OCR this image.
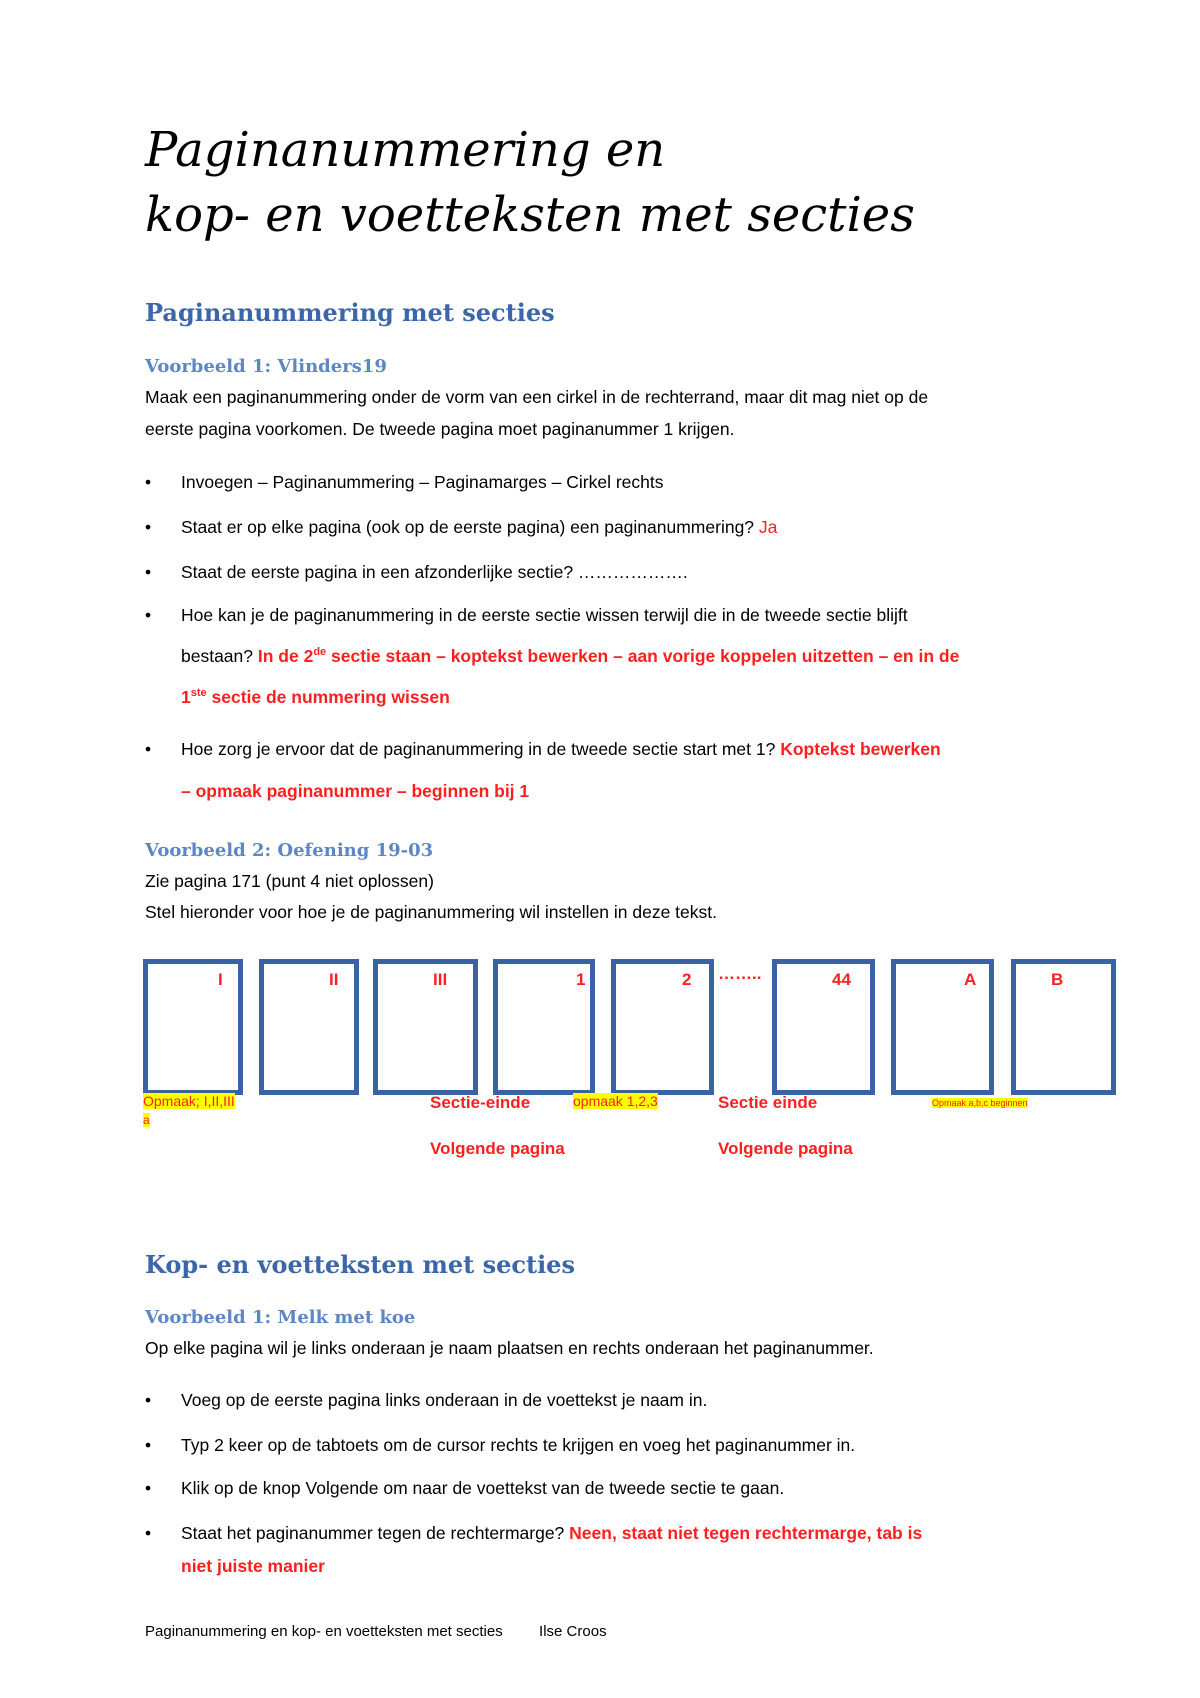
Paginanummering en
kop- en voetteksten met secties
Paginanummering met secties
Voorbeeld 1: Vlinders19
Maak een paginanummering onder de vorm van een cirkel in de rechterrand, maar dit mag niet op de
eerste pagina voorkomen. De tweede pagina moet paginanummer 1 krijgen.
• Invoegen – Paginanummering – Paginamarges – Cirkel rechts
• Staat er op elke pagina (ook op de eerste pagina) een paginanummering? Ja
• Staat de eerste pagina in een afzonderlijke sectie? ……………….
• Hoe kan je de paginanummering in de eerste sectie wissen terwijl die in de tweede sectie blijft
bestaan? In de 2de sectie staan – koptekst bewerken – aan vorige koppelen uitzetten – en in de
1ste sectie de nummering wissen
• Hoe zorg je ervoor dat de paginanummering in de tweede sectie start met 1? Koptekst bewerken
– opmaak paginanummer – beginnen bij 1
Voorbeeld 2: Oefening 19-03
Zie pagina 171 (punt 4 niet oplossen)
Stel hieronder voor hoe je de paginanummering wil instellen in deze tekst.
I	II	III	1	2 ……..	44	A	B
Opmaak; I,II,III
a
Sectie-einde
Volgende pagina
opmaak 1,2,3	Sectie einde
Volgende pagina
Opmaak a,b,c beginnen
Kop- en voetteksten met secties
Voorbeeld 1: Melk met koe
Op elke pagina wil je links onderaan je naam plaatsen en rechts onderaan het paginanummer.
• Voeg op de eerste pagina links onderaan in de voettekst je naam in.
• Typ 2 keer op de tabtoets om de cursor rechts te krijgen en voeg het paginanummer in.
• Klik op de knop Volgende om naar de voettekst van de tweede sectie te gaan.
• Staat het paginanummer tegen de rechtermarge? Neen, staat niet tegen rechtermarge, tab is
niet juiste manier
Paginanummering en kop- en voetteksten met secties Ilse Croos
